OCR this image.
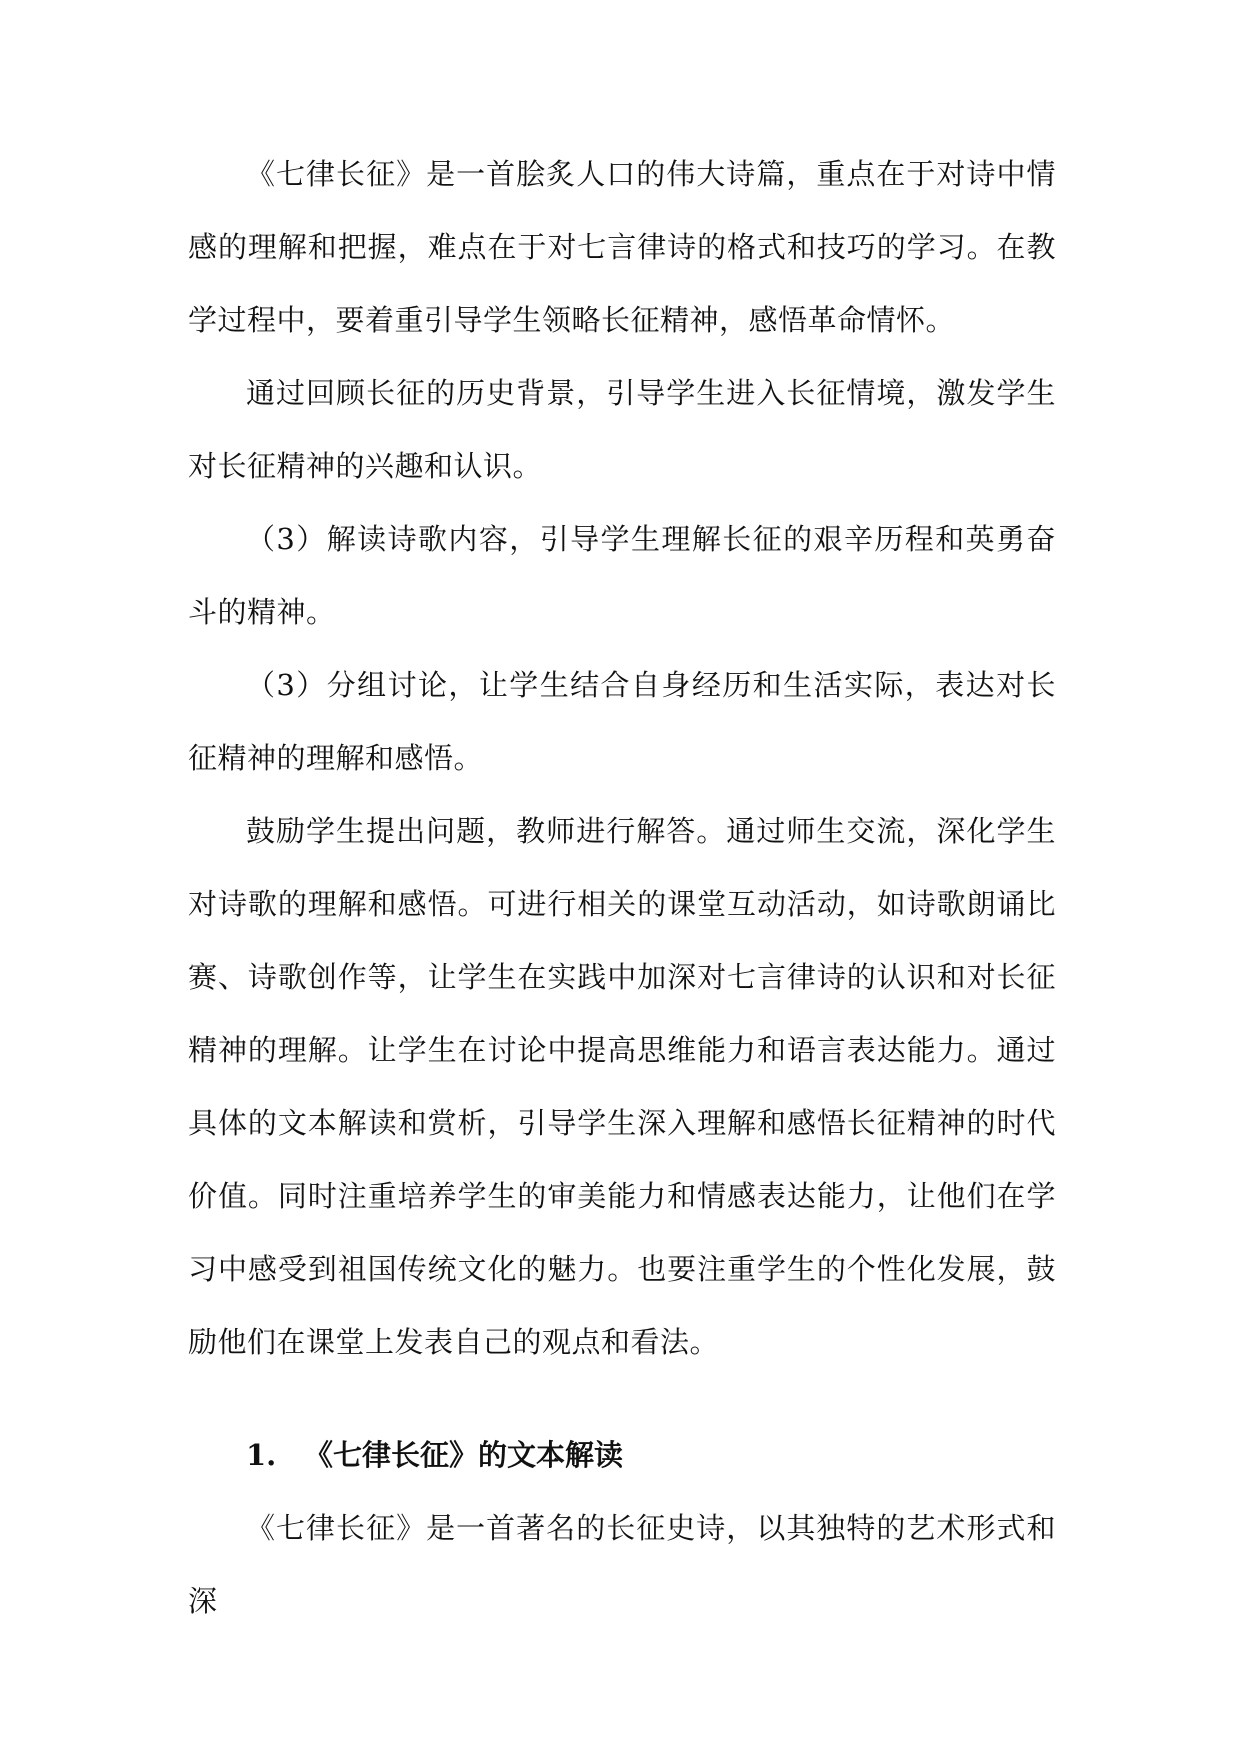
《七律长征》是一首脍炙人口的伟大诗篇，重点在于对诗中情感的理解和把握，难点在于对七言律诗的格式和技巧的学习。在教学过程中，要着重引导学生领略长征精神，感悟革命情怀。

通过回顾长征的历史背景，引导学生进入长征情境，激发学生对长征精神的兴趣和认识。

（3）解读诗歌内容，引导学生理解长征的艰辛历程和英勇奋斗的精神。

（3）分组讨论，让学生结合自身经历和生活实际，表达对长征精神的理解和感悟。

鼓励学生提出问题，教师进行解答。通过师生交流，深化学生对诗歌的理解和感悟。可进行相关的课堂互动活动，如诗歌朗诵比赛、诗歌创作等，让学生在实践中加深对七言律诗的认识和对长征精神的理解。让学生在讨论中提高思维能力和语言表达能力。通过具体的文本解读和赏析，引导学生深入理解和感悟长征精神的时代价值。同时注重培养学生的审美能力和情感表达能力，让他们在学习中感受到祖国传统文化的魅力。也要注重学生的个性化发展，鼓励他们在课堂上发表自己的观点和看法。

1. 《七律长征》的文本解读

《七律长征》是一首著名的长征史诗，以其独特的艺术形式和深
